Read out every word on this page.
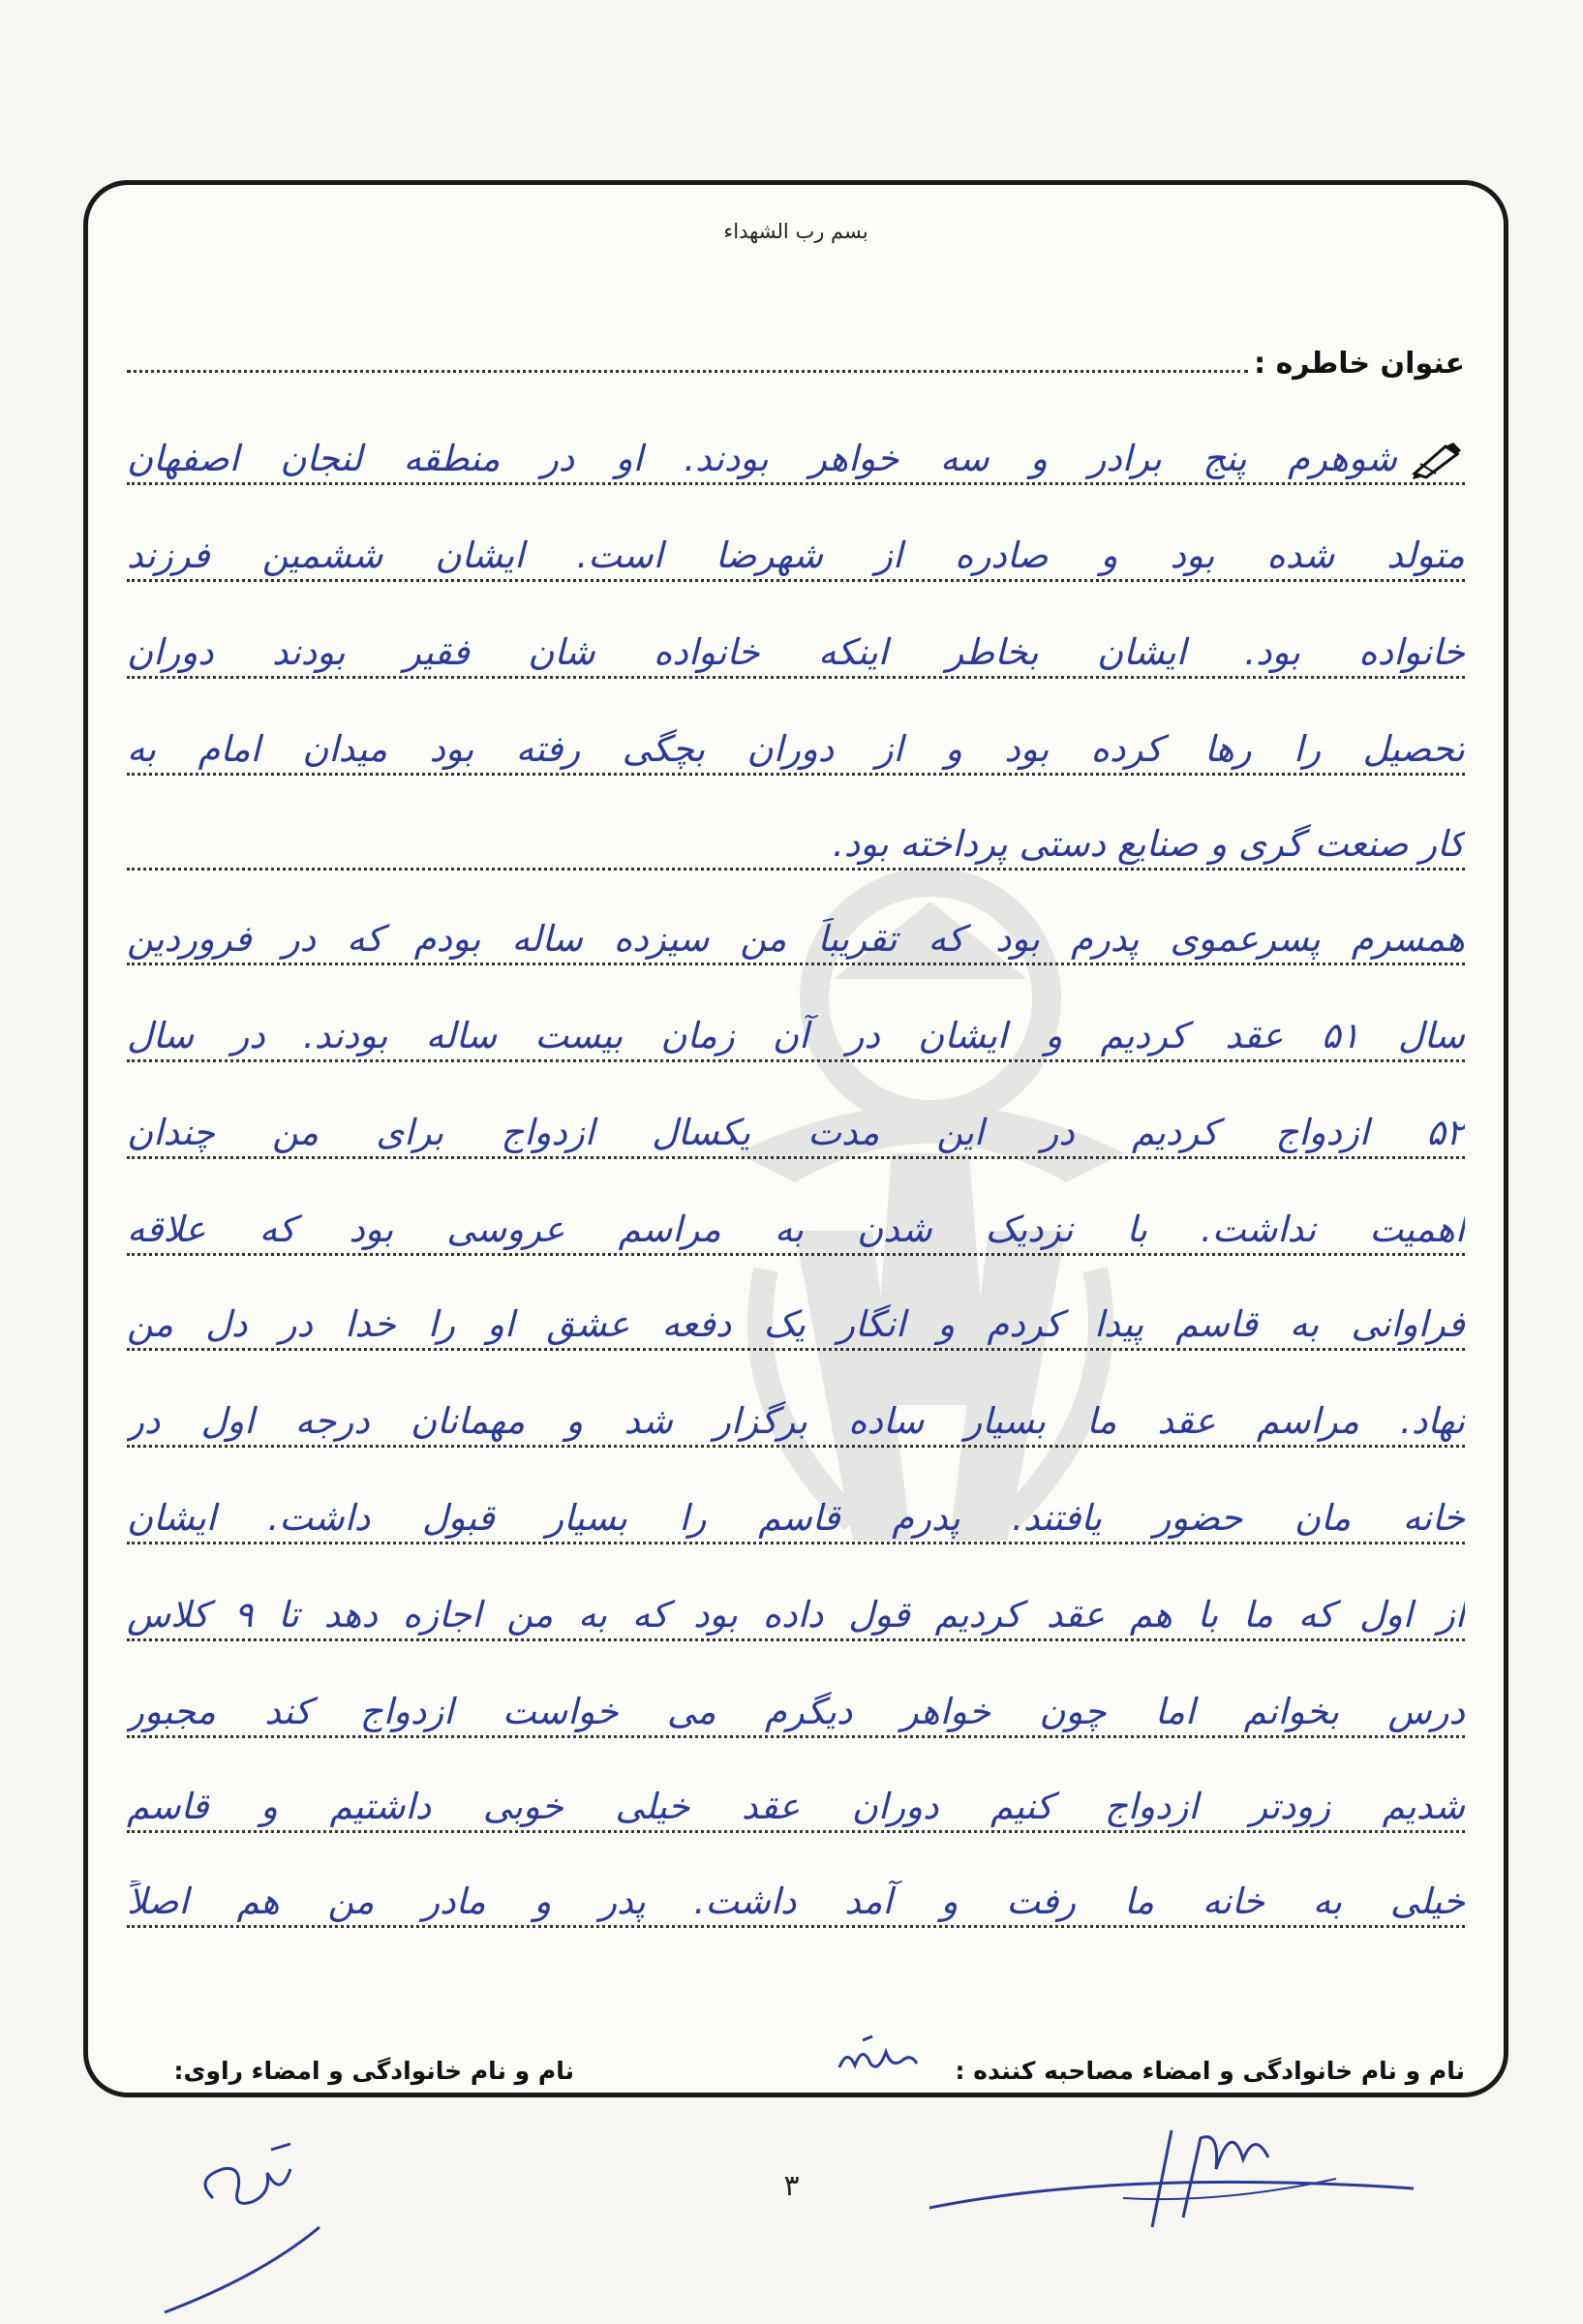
بسم رب الشهداء
عنوان خاطره :
شوهرم پنج برادر و سه خواهر بودند. او در منطقه لنجان اصفهان
متولد شده بود و صادره از شهرضا است. ایشان ششمین فرزند
خانواده بود. ایشان بخاطر اینکه خانواده شان فقیر بودند دوران
تحصیل را رها کرده بود و از دوران بچگی رفته بود میدان امام به
کار صنعت گری و صنایع دستی پرداخته بود.
همسرم پسرعموی پدرم بود که تقریباً من سیزده ساله بودم که در فروردین
سال ۵۱ عقد کردیم و ایشان در آن زمان بیست ساله بودند. در سال
۵۲ ازدواج کردیم در این مدت یکسال ازدواج برای من چندان
اهمیت نداشت. با نزدیک شدن به مراسم عروسی بود که علاقه
فراوانی به قاسم پیدا کردم و انگار یک دفعه عشق او را خدا در دل من
نهاد. مراسم عقد ما بسیار ساده برگزار شد و مهمانان درجه اول در
خانه مان حضور یافتند. پدرم قاسم را بسیار قبول داشت. ایشان
از اول که ما با هم عقد کردیم قول داده بود که به من اجازه دهد تا ۹ کلاس
درس بخوانم اما چون خواهر دیگرم می خواست ازدواج کند مجبور
شدیم زودتر ازدواج کنیم دوران عقد خیلی خوبی داشتیم و قاسم
خیلی به خانه ما رفت و آمد داشت. پدر و مادر من هم اصلاً
نام و نام خانوادگی و امضاء مصاحبه کننده :
نام و نام خانوادگی و امضاء راوی:
۳
